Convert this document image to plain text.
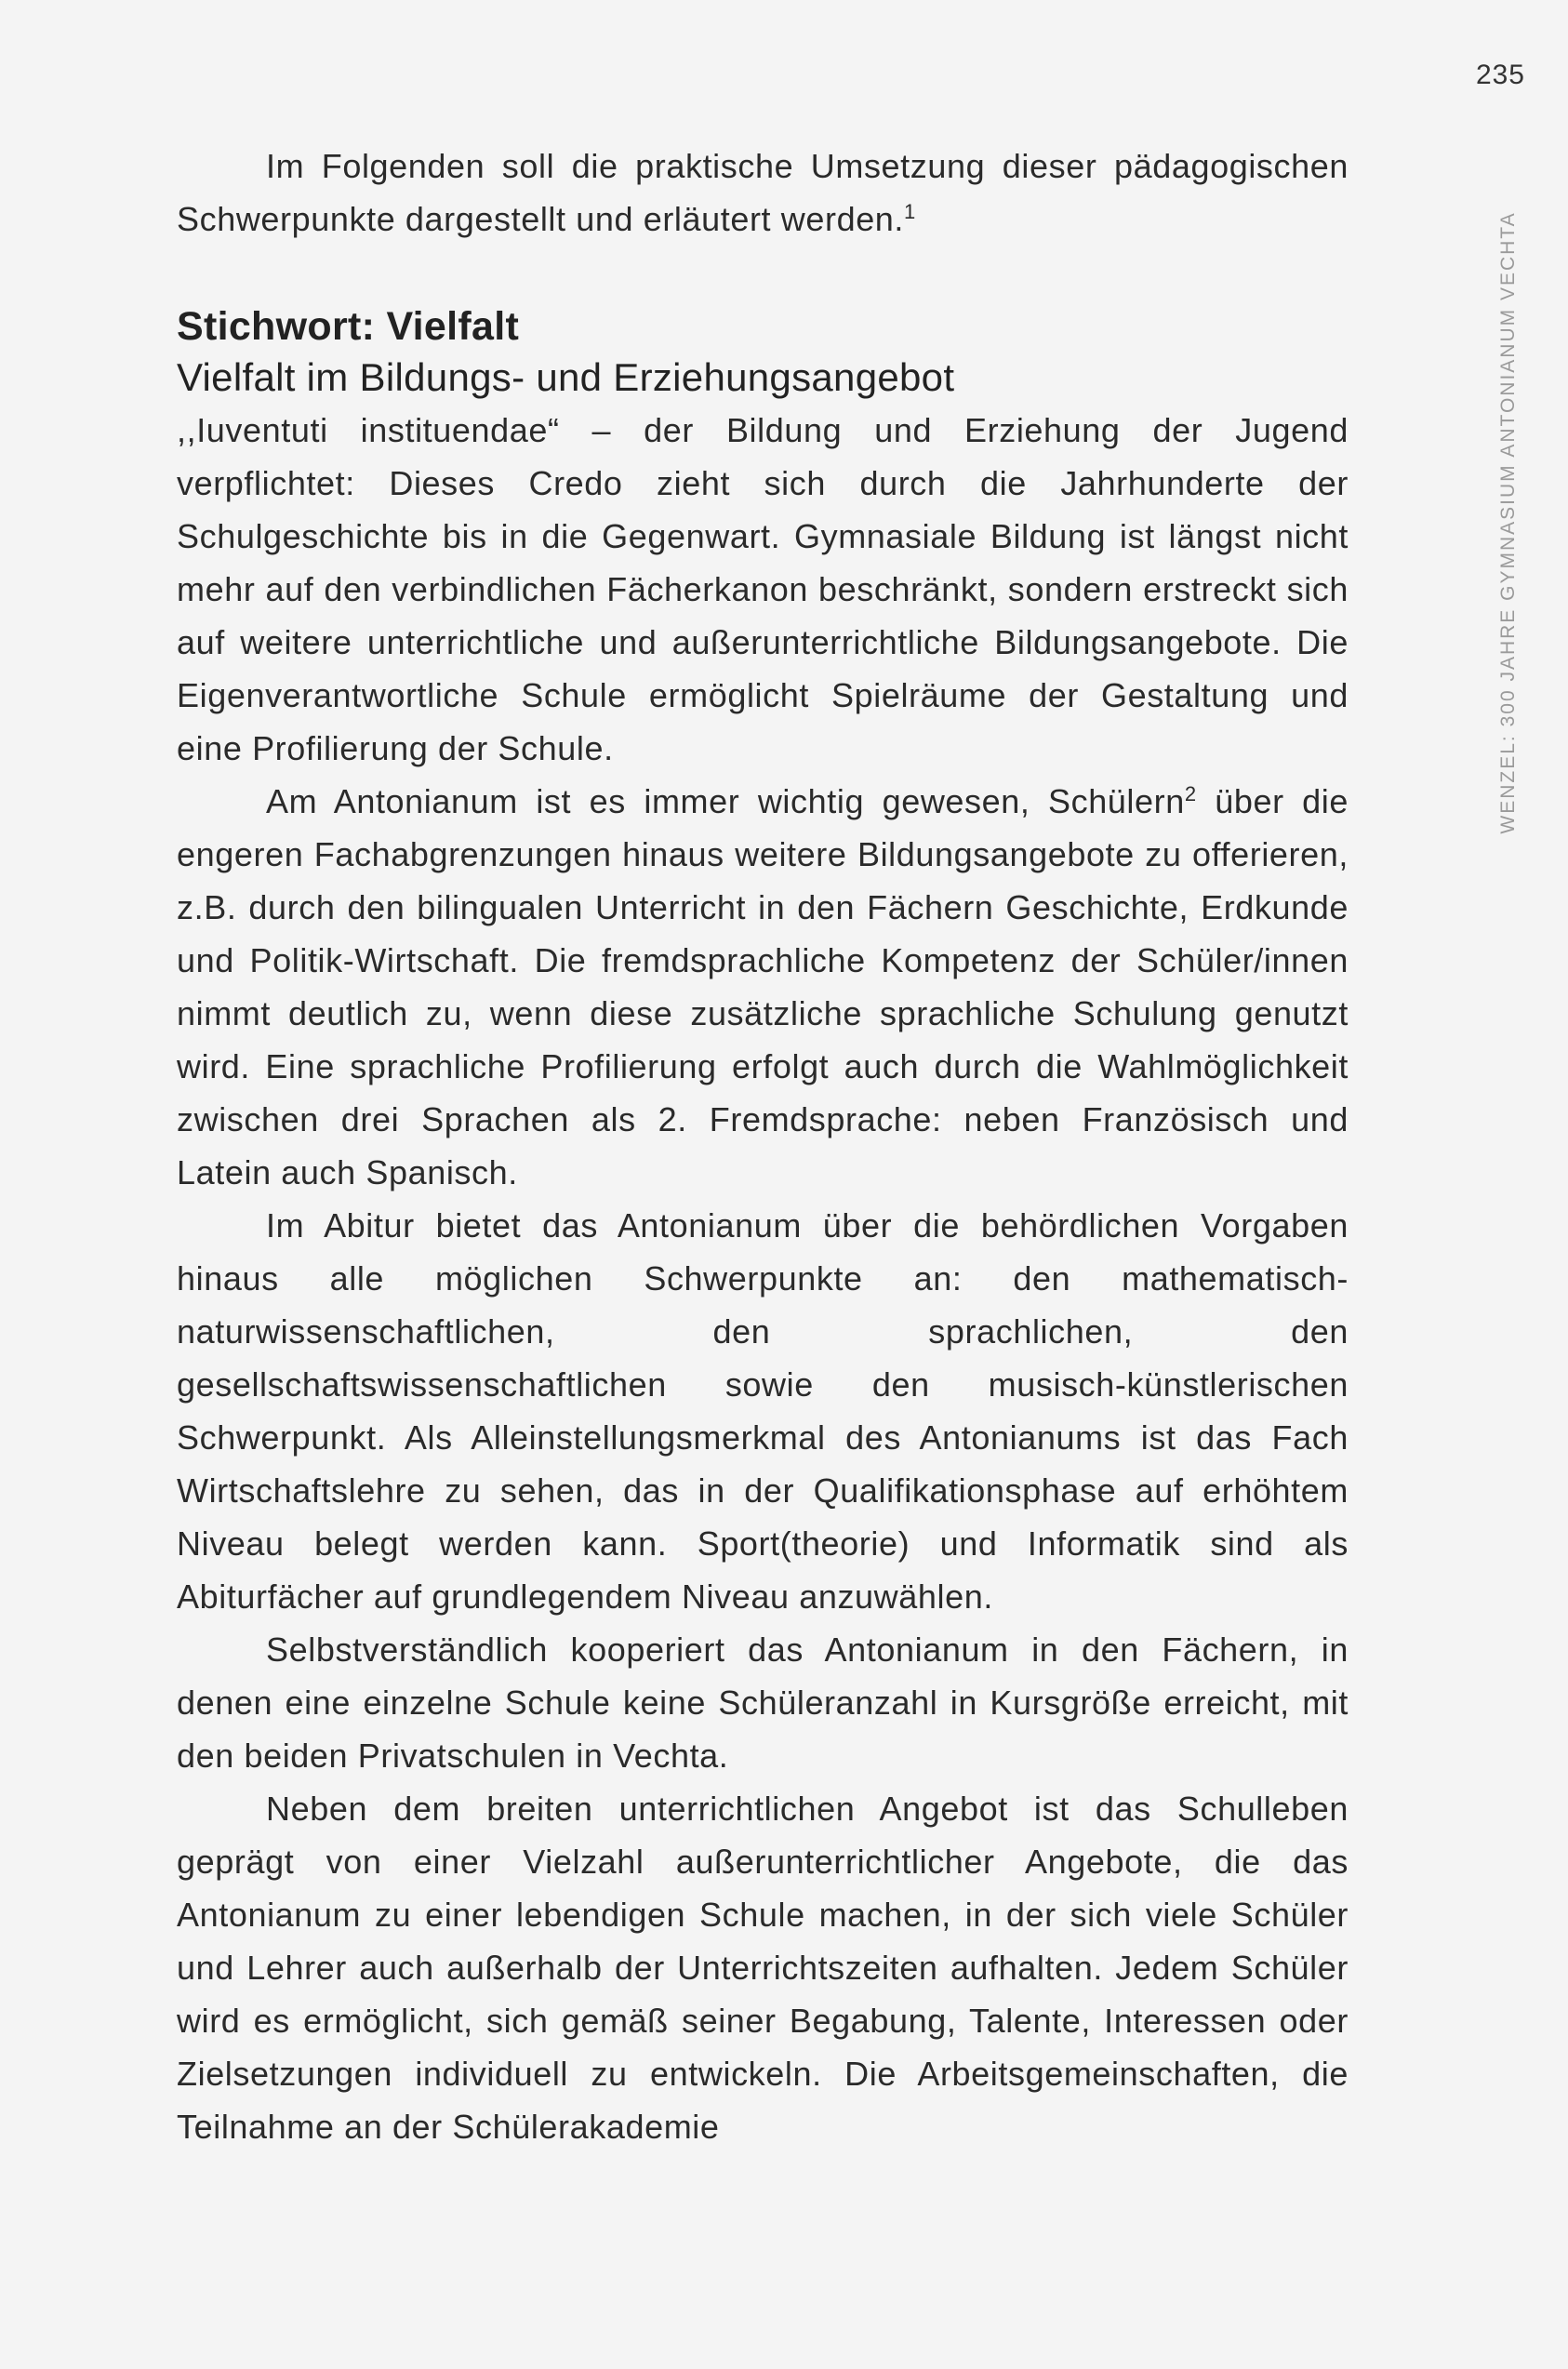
235
WENZEL: 300 JAHRE GYMNASIUM ANTONIANUM VECHTA

Im Folgenden soll die praktische Umsetzung dieser pädagogischen Schwerpunkte dargestellt und erläutert werden.$^1$

Stichwort: Vielfalt
Vielfalt im Bildungs- und Erziehungsangebot

,,Iuventuti instituendae“ – der Bildung und Erziehung der Jugend verpflichtet: Dieses Credo zieht sich durch die Jahrhunderte der Schulgeschichte bis in die Gegenwart. Gymnasiale Bildung ist längst nicht mehr auf den verbindlichen Fächerkanon beschränkt, sondern erstreckt sich auf weitere unterrichtliche und außerunterrichtliche Bildungsangebote. Die Eigenverantwortliche Schule ermöglicht Spielräume der Gestaltung und eine Profilierung der Schule.

Am Antonianum ist es immer wichtig gewesen, Schülern$^2$ über die engeren Fachabgrenzungen hinaus weitere Bildungsangebote zu offerieren, z.B. durch den bilingualen Unterricht in den Fächern Geschichte, Erdkunde und Politik-Wirtschaft. Die fremdsprachliche Kompetenz der Schüler/innen nimmt deutlich zu, wenn diese zusätzliche sprachliche Schulung genutzt wird. Eine sprachliche Profilierung erfolgt auch durch die Wahlmöglichkeit zwischen drei Sprachen als 2. Fremdsprache: neben Französisch und Latein auch Spanisch.

Im Abitur bietet das Antonianum über die behördlichen Vorgaben hinaus alle möglichen Schwerpunkte an: den mathematisch-naturwissenschaftlichen, den sprachlichen, den gesellschaftswissenschaftlichen sowie den musisch-künstlerischen Schwerpunkt. Als Alleinstellungsmerkmal des Antonianums ist das Fach Wirtschaftslehre zu sehen, das in der Qualifikationsphase auf erhöhtem Niveau belegt werden kann. Sport(theorie) und Informatik sind als Abiturfächer auf grundlegendem Niveau anzuwählen.

Selbstverständlich kooperiert das Antonianum in den Fächern, in denen eine einzelne Schule keine Schüleranzahl in Kursgröße erreicht, mit den beiden Privatschulen in Vechta.

Neben dem breiten unterrichtlichen Angebot ist das Schulleben geprägt von einer Vielzahl außerunterrichtlicher Angebote, die das Antonianum zu einer lebendigen Schule machen, in der sich viele Schüler und Lehrer auch außerhalb der Unterrichtszeiten aufhalten. Jedem Schüler wird es ermöglicht, sich gemäß seiner Begabung, Talente, Interessen oder Zielsetzungen individuell zu entwickeln. Die Arbeitsgemeinschaften, die Teilnahme an der Schülerakademie
